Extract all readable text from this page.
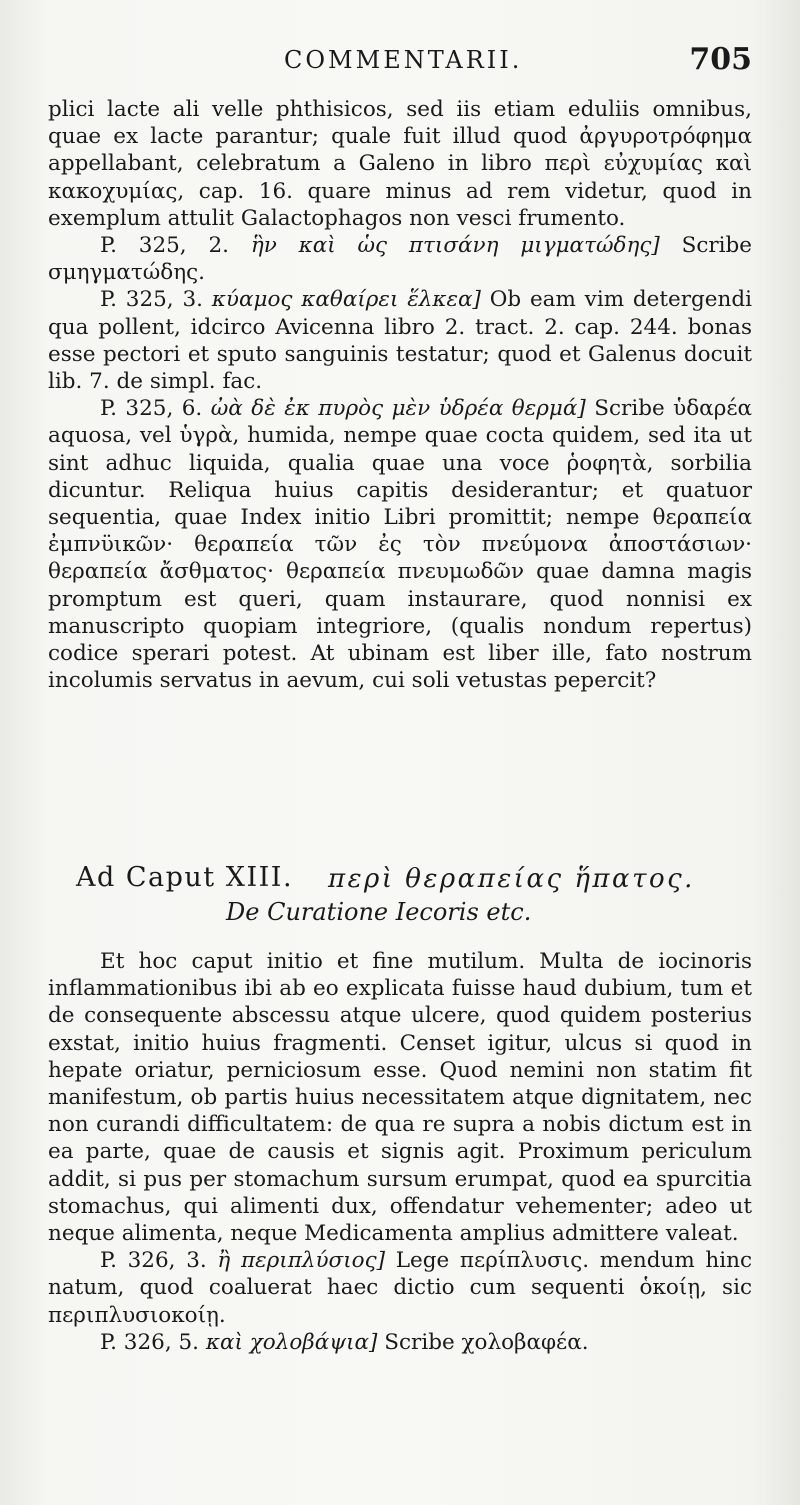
COMMENTARII.	705

plici lacte ali velle phthisicos, sed iis etiam eduliis omnibus, quae ex lacte parantur; quale fuit illud quod ἀργυροτρόφημα appellabant, celebratum a Galeno in libro περὶ εὐχυμίας καὶ κακοχυμίας, cap. 16. quare minus ad rem videtur, quod in exemplum attulit Galactophagos non vesci frumento.

P. 325, 2. ἣν καὶ ὡς πτισάνη μιγματώδης] Scribe σμηγματώδης.

P. 325, 3. κύαμος καθαίρει ἕλκεα] Ob eam vim detergendi qua pollent, idcirco Avicenna libro 2. tract. 2. cap. 244. bonas esse pectori et sputo sanguinis testatur; quod et Galenus docuit lib. 7. de simpl. fac.

P. 325, 6. ὠὰ δὲ ἐκ πυρὸς μὲν ὑδρέα θερμά] Scribe ὑδαρέα aquosa, vel ὑγρὰ, humida, nempe quae cocta quidem, sed ita ut sint adhuc liquida, qualia quae una voce ῥοφητὰ, sorbilia dicuntur. Reliqua huius capitis desiderantur; et quatuor sequentia, quae Index initio Libri promittit; nempe θεραπεία ἐμπνϋικῶν· θεραπεία τῶν ἐς τὸν πνεύμονα ἀποστάσιων· θεραπεία ἄσθματος· θεραπεία πνευμωδῶν quae damna magis promptum est queri, quam instaurare, quod nonnisi ex manuscripto quopiam integriore, (qualis nondum repertus) codice sperari potest. At ubinam est liber ille, fato nostrum incolumis servatus in aevum, cui soli vetustas pepercit?

Ad Caput XIII. περὶ θεραπείας ἥπατος.
De Curatione Iecoris etc.

Et hoc caput initio et fine mutilum. Multa de iocinoris inflammationibus ibi ab eo explicata fuisse haud dubium, tum et de consequente abscessu atque ulcere, quod quidem posterius exstat, initio huius fragmenti. Censet igitur, ulcus si quod in hepate oriatur, perniciosum esse. Quod nemini non statim fit manifestum, ob partis huius necessitatem atque dignitatem, nec non curandi difficultatem: de qua re supra a nobis dictum est in ea parte, quae de causis et signis agit. Proximum periculum addit, si pus per stomachum sursum erumpat, quod ea spurcitia stomachus, qui alimenti dux, offendatur vehementer; adeo ut neque alimenta, neque Medicamenta amplius admittere valeat.

P. 326, 3. ἢ περιπλύσιος] Lege περίπλυσις. mendum hinc natum, quod coaluerat haec dictio cum sequenti ὁκοίῃ, sic περιπλυσιοκοίῃ.

P. 326, 5. καὶ χολοβάψια] Scribe χολοβαφέα.
